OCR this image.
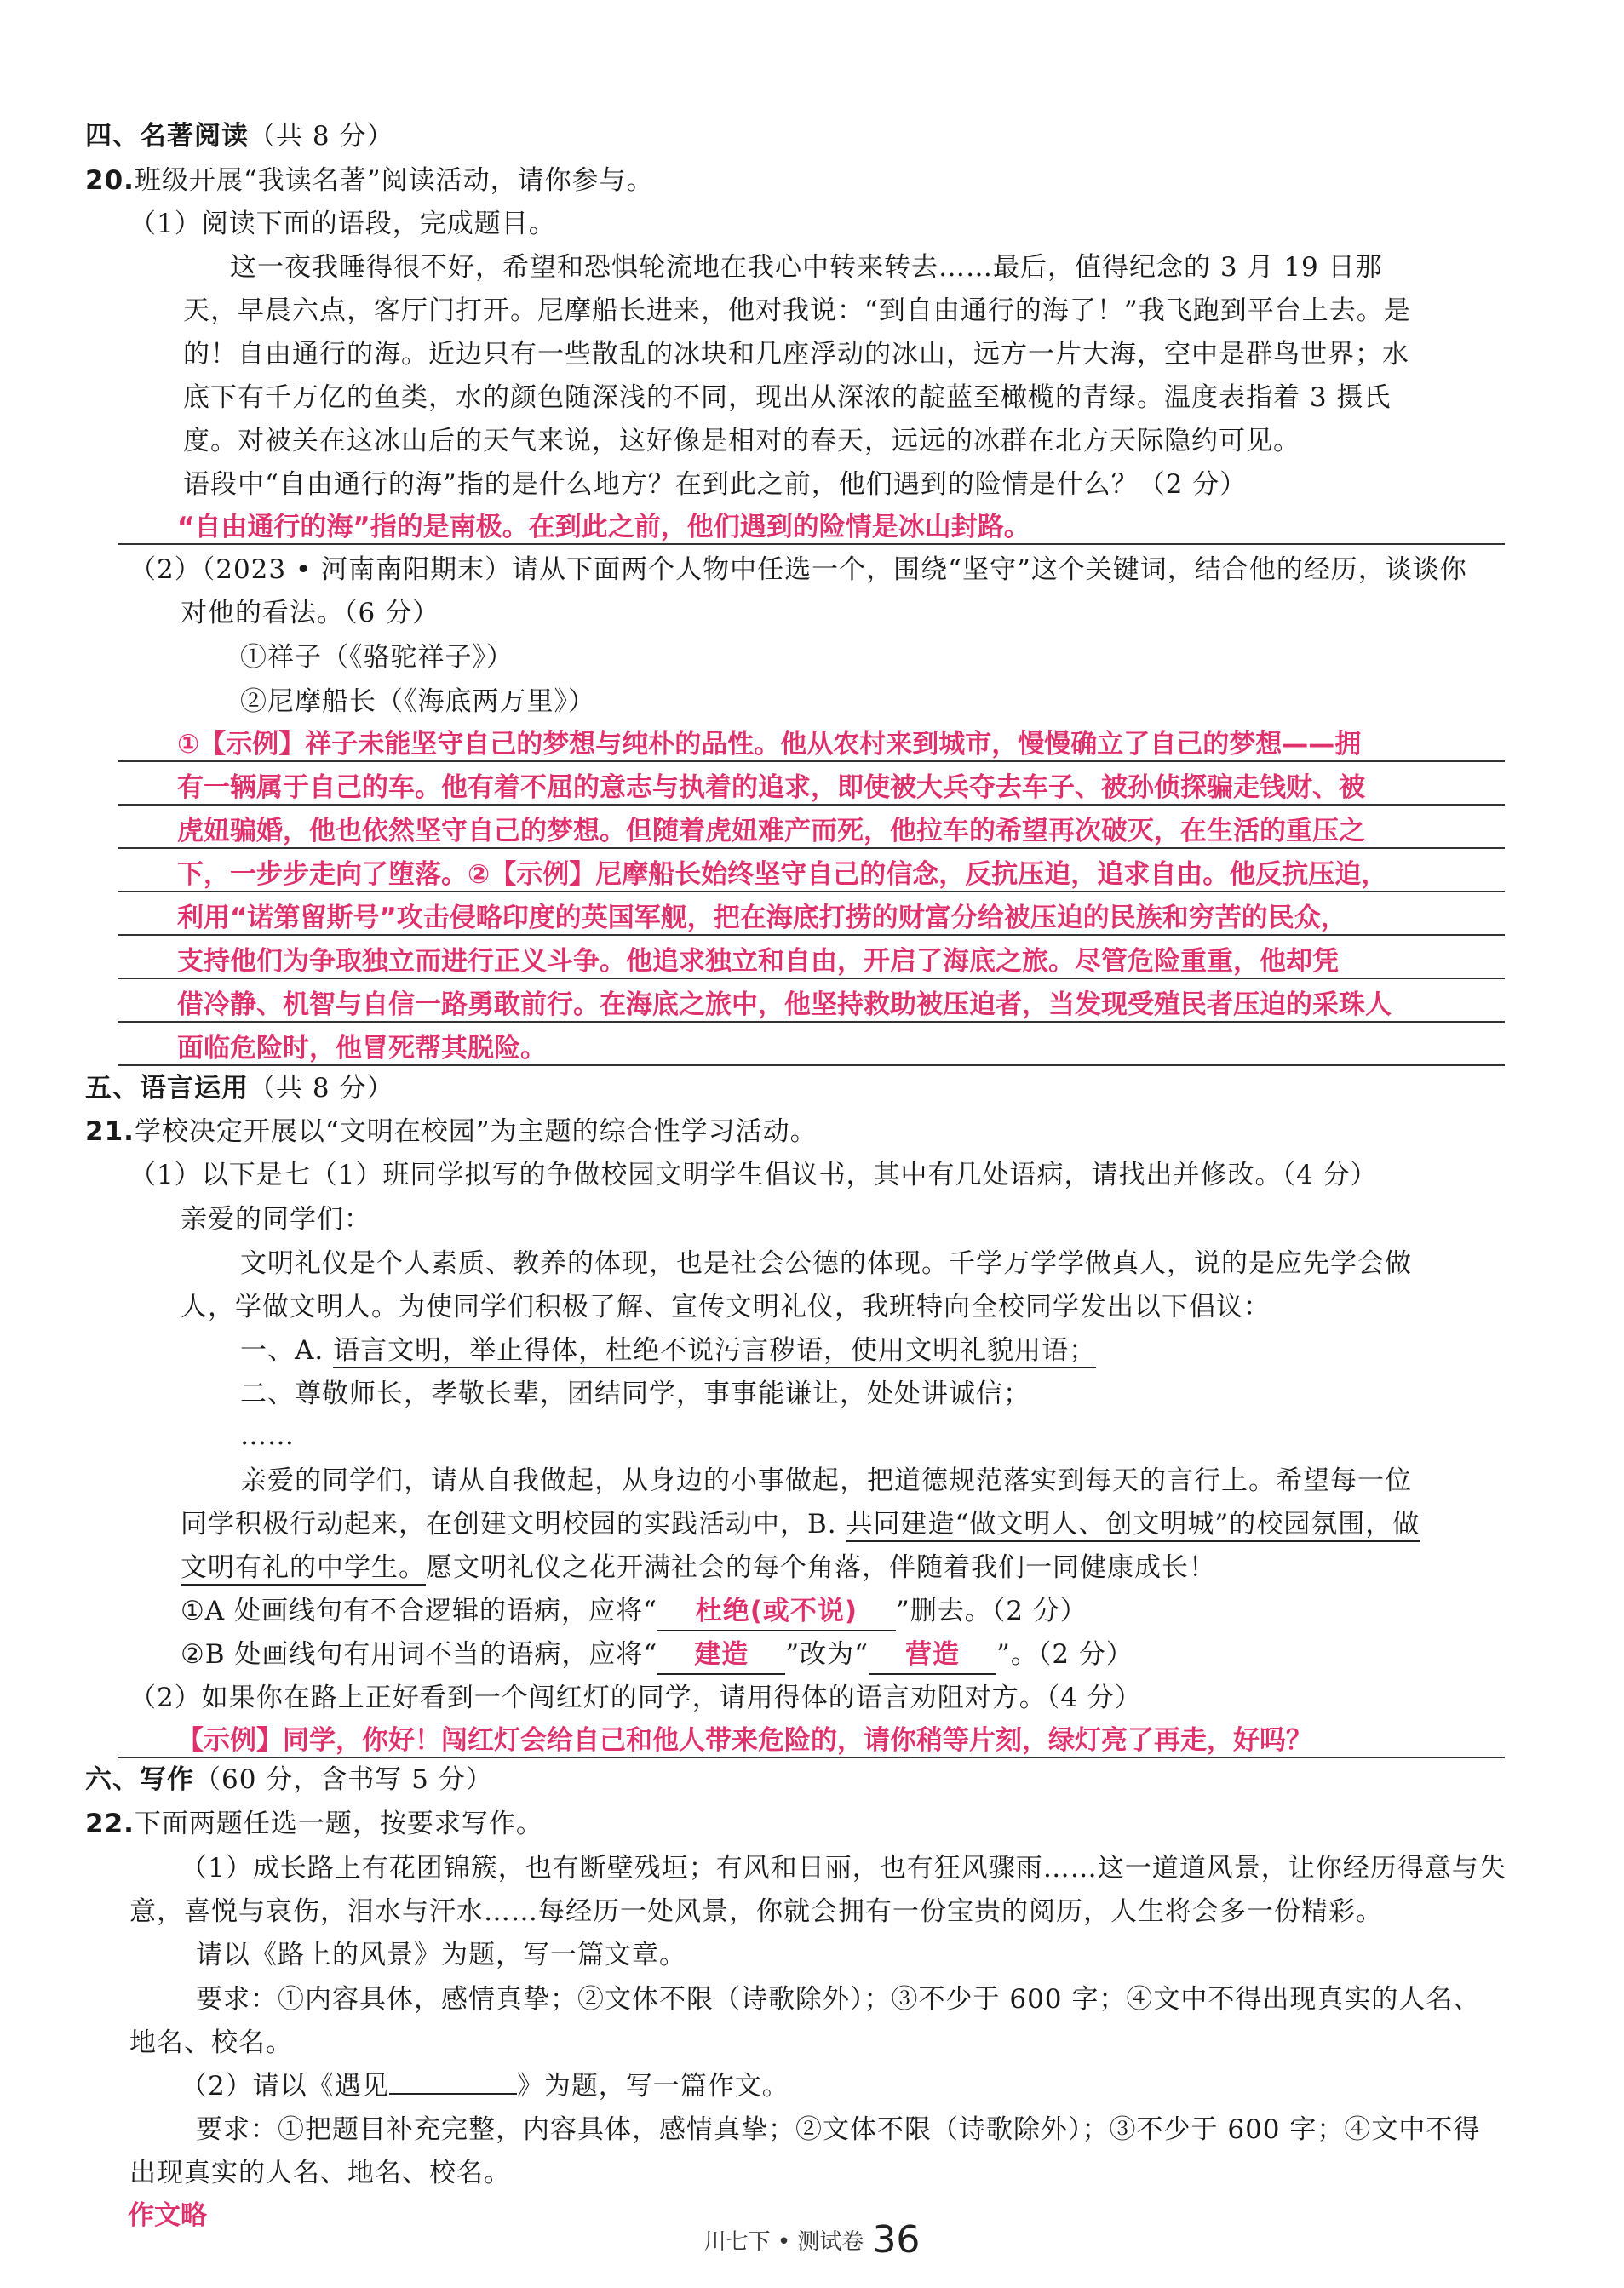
四、名著阅读（共 8 分）
20.班级开展“我读名著”阅读活动，请你参与。
（1）阅读下面的语段，完成题目。
这一夜我睡得很不好，希望和恐惧轮流地在我心中转来转去……最后，值得纪念的 3 月 19 日那
天，早晨六点，客厅门打开。尼摩船长进来，他对我说：“到自由通行的海了！”我飞跑到平台上去。是
的！自由通行的海。近边只有一些散乱的冰块和几座浮动的冰山，远方一片大海，空中是群鸟世界；水
底下有千万亿的鱼类，水的颜色随深浅的不同，现出从深浓的靛蓝至橄榄的青绿。温度表指着 3 摄氏
度。对被关在这冰山后的天气来说，这好像是相对的春天，远远的冰群在北方天际隐约可见。
语段中“自由通行的海”指的是什么地方？在到此之前，他们遇到的险情是什么？（2 分）
“自由通行的海”指的是南极。在到此之前，他们遇到的险情是冰山封路。
（2）（2023 • 河南南阳期末）请从下面两个人物中任选一个，围绕“坚守”这个关键词，结合他的经历，谈谈你
对他的看法。（6 分）
①祥子（《骆驼祥子》）
②尼摩船长（《海底两万里》）
①【示例】祥子未能坚守自己的梦想与纯朴的品性。他从农村来到城市，慢慢确立了自己的梦想——拥
有一辆属于自己的车。他有着不屈的意志与执着的追求，即使被大兵夺去车子、被孙侦探骗走钱财、被
虎妞骗婚，他也依然坚守自己的梦想。但随着虎妞难产而死，他拉车的希望再次破灭，在生活的重压之
下，一步步走向了堕落。②【示例】尼摩船长始终坚守自己的信念，反抗压迫，追求自由。他反抗压迫，
利用“诺第留斯号”攻击侵略印度的英国军舰，把在海底打捞的财富分给被压迫的民族和穷苦的民众，
支持他们为争取独立而进行正义斗争。他追求独立和自由，开启了海底之旅。尽管危险重重，他却凭
借冷静、机智与自信一路勇敢前行。在海底之旅中，他坚持救助被压迫者，当发现受殖民者压迫的采珠人
面临危险时，他冒死帮其脱险。
五、语言运用（共 8 分）
21.学校决定开展以“文明在校园”为主题的综合性学习活动。
（1）以下是七（1）班同学拟写的争做校园文明学生倡议书，其中有几处语病，请找出并修改。（4 分）
亲爱的同学们：
文明礼仪是个人素质、教养的体现，也是社会公德的体现。千学万学学做真人，说的是应先学会做
人，学做文明人。为使同学们积极了解、宣传文明礼仪，我班特向全校同学发出以下倡议：
一、A. 语言文明，举止得体，杜绝不说污言秽语，使用文明礼貌用语；
二、尊敬师长，孝敬长辈，团结同学，事事能谦让，处处讲诚信；
……
亲爱的同学们，请从自我做起，从身边的小事做起，把道德规范落实到每天的言行上。希望每一位
同学积极行动起来，在创建文明校园的实践活动中，B. 共同建造“做文明人、创文明城”的校园氛围，做
文明有礼的中学生。愿文明礼仪之花开满社会的每个角落，伴随着我们一同健康成长！
①A 处画线句有不合逻辑的语病，应将“ 杜绝(或不说) ”删去。（2 分）
②B 处画线句有用词不当的语病，应将“ 建造 ”改为“ 营造 ”。（2 分）
（2）如果你在路上正好看到一个闯红灯的同学，请用得体的语言劝阻对方。（4 分）
【示例】同学，你好！闯红灯会给自己和他人带来危险的，请你稍等片刻，绿灯亮了再走，好吗？
六、写作（60 分，含书写 5 分）
22.下面两题任选一题，按要求写作。
（1）成长路上有花团锦簇，也有断壁残垣；有风和日丽，也有狂风骤雨……这一道道风景，让你经历得意与失
意，喜悦与哀伤，泪水与汗水……每经历一处风景，你就会拥有一份宝贵的阅历，人生将会多一份精彩。
请以《路上的风景》为题，写一篇文章。
要求：①内容具体，感情真挚；②文体不限（诗歌除外）；③不少于 600 字；④文中不得出现真实的人名、
地名、校名。
（2）请以《遇见	》为题，写一篇作文。
要求：①把题目补充完整，内容具体，感情真挚；②文体不限（诗歌除外）；③不少于 600 字；④文中不得
出现真实的人名、地名、校名。
作文略
川七下 • 测试卷 36
